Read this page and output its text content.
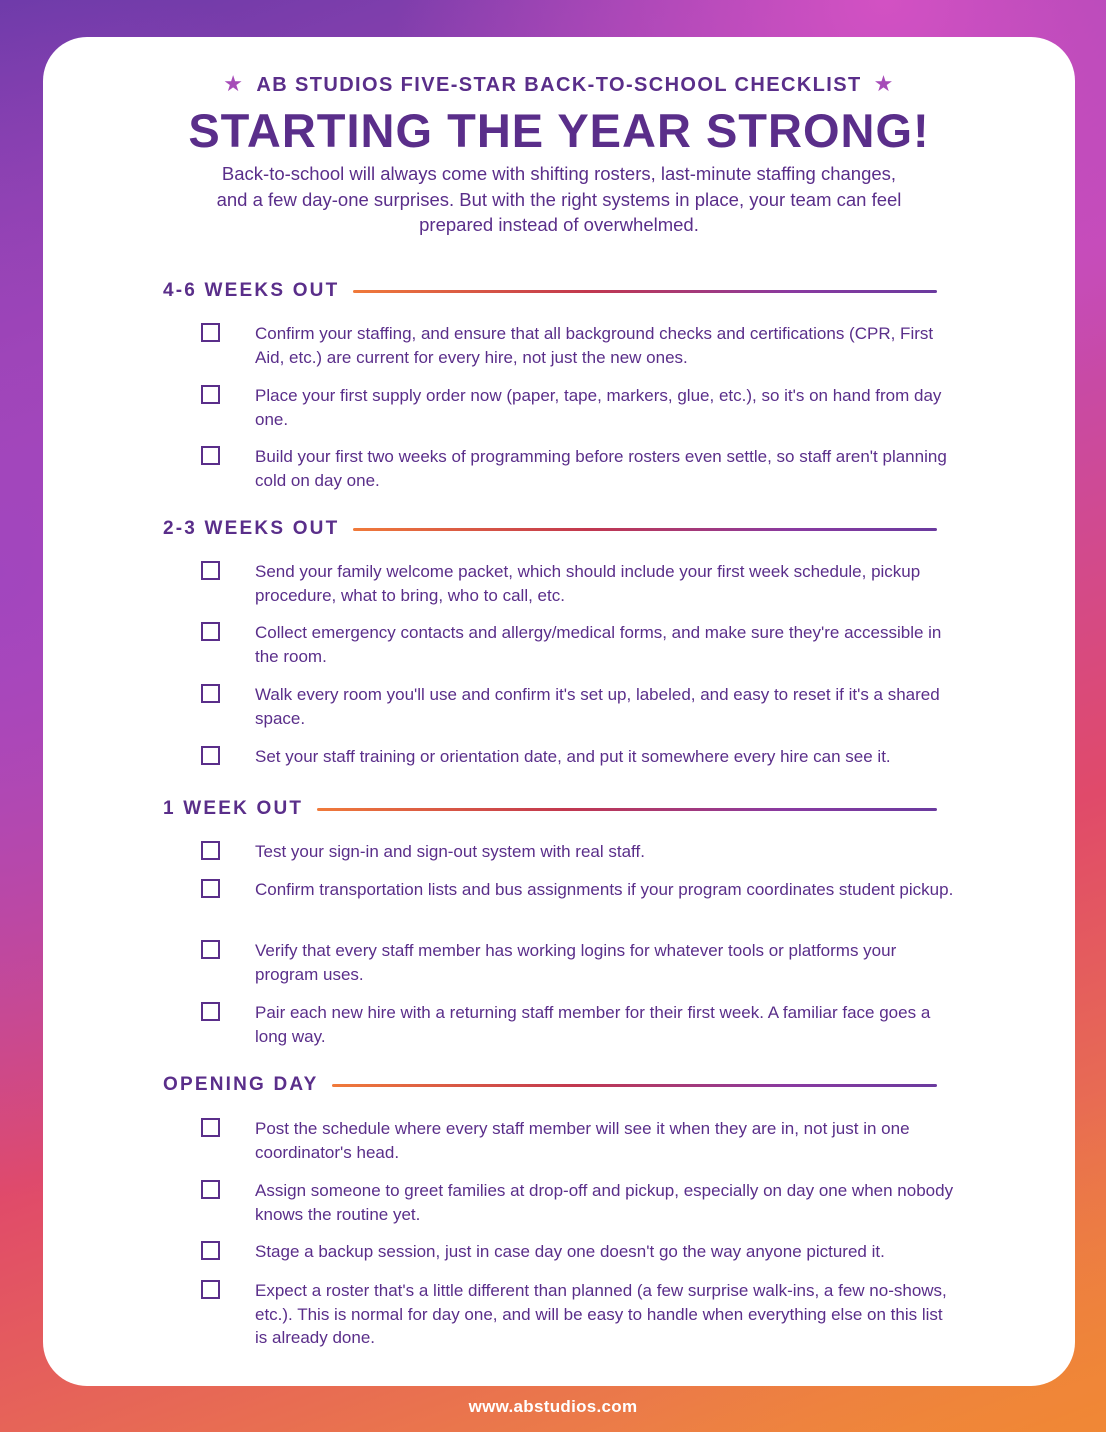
★ AB STUDIOS FIVE-STAR BACK-TO-SCHOOL CHECKLIST ★
STARTING THE YEAR STRONG!
Back-to-school will always come with shifting rosters, last-minute staffing changes, and a few day-one surprises. But with the right systems in place, your team can feel prepared instead of overwhelmed.
4-6 WEEKS OUT
Confirm your staffing, and ensure that all background checks and certifications (CPR, First Aid, etc.) are current for every hire, not just the new ones.
Place your first supply order now (paper, tape, markers, glue, etc.), so it's on hand from day one.
Build your first two weeks of programming before rosters even settle, so staff aren't planning cold on day one.
2-3 WEEKS OUT
Send your family welcome packet, which should include your first week schedule, pickup procedure, what to bring, who to call, etc.
Collect emergency contacts and allergy/medical forms, and make sure they're accessible in the room.
Walk every room you'll use and confirm it's set up, labeled, and easy to reset if it's a shared space.
Set your staff training or orientation date, and put it somewhere every hire can see it.
1 WEEK OUT
Test your sign-in and sign-out system with real staff.
Confirm transportation lists and bus assignments if your program coordinates student pickup.
Verify that every staff member has working logins for whatever tools or platforms your program uses.
Pair each new hire with a returning staff member for their first week. A familiar face goes a long way.
OPENING DAY
Post the schedule where every staff member will see it when they are in, not just in one coordinator's head.
Assign someone to greet families at drop-off and pickup, especially on day one when nobody knows the routine yet.
Stage a backup session, just in case day one doesn't go the way anyone pictured it.
Expect a roster that's a little different than planned (a few surprise walk-ins, a few no-shows, etc.). This is normal for day one, and will be easy to handle when everything else on this list is already done.
www.abstudios.com
